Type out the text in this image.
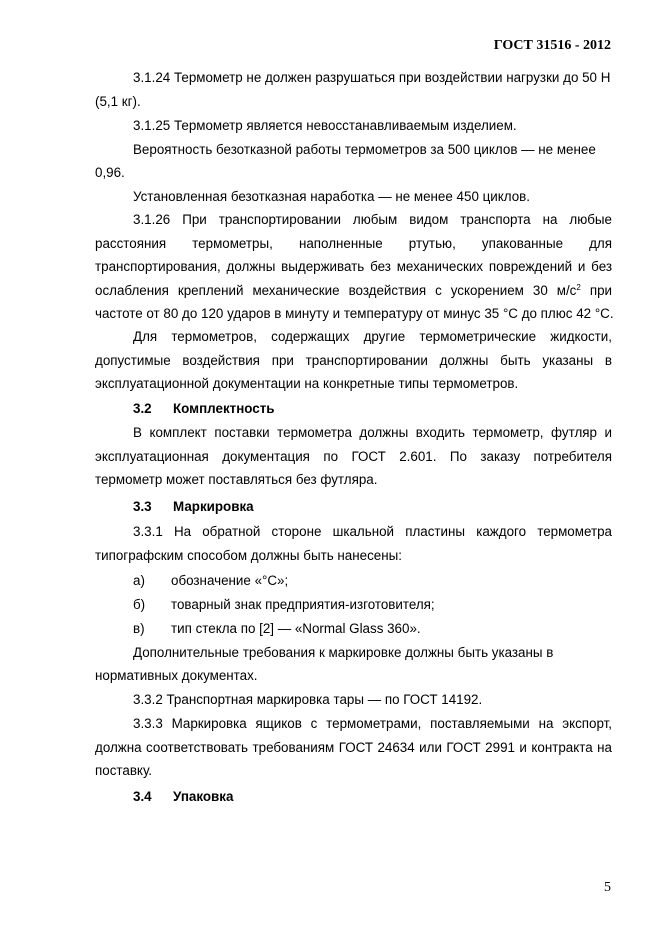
ГОСТ 31516 - 2012
3.1.24 Термометр не должен разрушаться при воздействии нагрузки до 50 Н
(5,1 кг).
3.1.25 Термометр является невосстанавливаемым изделием.
Вероятность безотказной работы термометров за 500 циклов — не менее
0,96.
Установленная безотказная наработка — не менее 450 циклов.
3.1.26 При транспортировании любым видом транспорта на любые
расстояния термометры, наполненные ртутью, упакованные для
транспортирования, должны выдерживать без механических повреждений и без
ослабления креплений механические воздействия с ускорением 30 $м/с^2$ при
частоте от 80 до 120 ударов в минуту и температуру от минус 35 °С до плюс 42 °С.
Для термометров, содержащих другие термометрические жидкости,
допустимые воздействия при транспортировании должны быть указаны в
эксплуатационной документации на конкретные типы термометров.
3.2 Комплектность
В комплект поставки термометра должны входить термометр, футляр и
эксплуатационная документация по ГОСТ 2.601. По заказу потребителя
термометр может поставляться без футляра.
3.3 Маркировка
3.3.1 На обратной стороне шкальной пластины каждого термометра
типографским способом должны быть нанесены:
а) обозначение «°С»;
б) товарный знак предприятия-изготовителя;
в) тип стекла по [2] — «Normal Glass 360».
Дополнительные требования к маркировке должны быть указаны в
нормативных документах.
3.3.2 Транспортная маркировка тары — по ГОСТ 14192.
3.3.3 Маркировка ящиков с термометрами, поставляемыми на экспорт,
должна соответствовать требованиям ГОСТ 24634 или ГОСТ 2991 и контракта на
поставку.
3.4 Упаковка
5
